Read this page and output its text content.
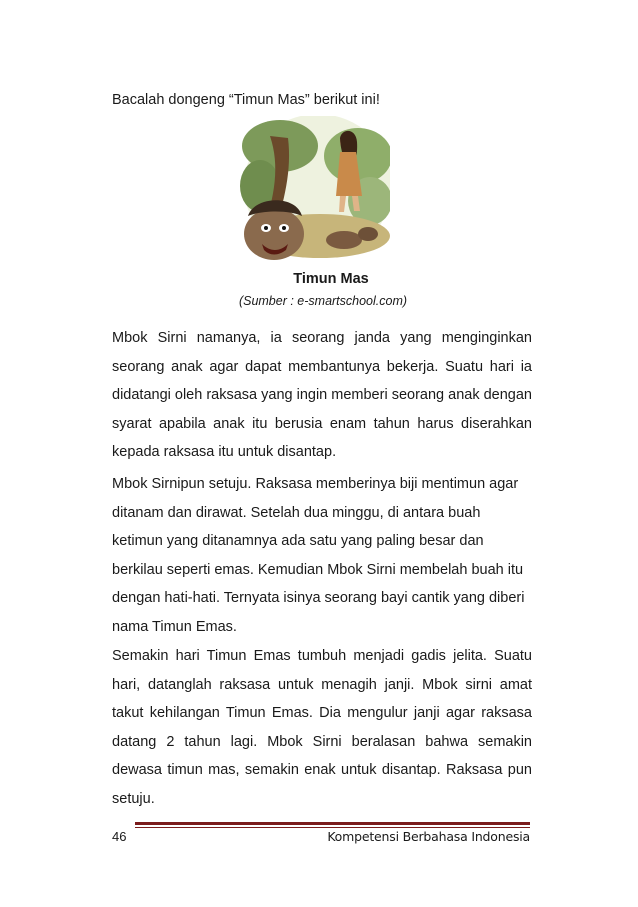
Bacalah dongeng “Timun Mas” berikut ini!

Timun Mas
(Sumber : e-smartschool.com)

Mbok Sirni namanya, ia seorang janda yang menginginkan seorang anak agar dapat membantunya bekerja. Suatu hari ia didatangi oleh raksasa yang ingin memberi seorang anak dengan syarat apabila anak itu berusia enam tahun harus diserahkan kepada raksasa itu untuk disantap.

Mbok Sirnipun setuju. Raksasa memberinya biji mentimun agar ditanam dan dirawat. Setelah dua minggu, di antara buah ketimun yang ditanamnya ada satu yang paling besar dan berkilau seperti emas. Kemudian Mbok Sirni membelah buah itu dengan hati-hati. Ternyata isinya seorang bayi cantik yang diberi nama Timun Emas.

Semakin hari Timun Emas tumbuh menjadi gadis jelita. Suatu hari, datanglah raksasa untuk menagih janji. Mbok sirni amat takut kehilangan Timun Emas. Dia mengulur janji agar raksasa datang 2 tahun lagi. Mbok Sirni beralasan bahwa semakin dewasa timun mas, semakin enak untuk disantap. Raksasa pun setuju.

46	Kompetensi Berbahasa Indonesia
